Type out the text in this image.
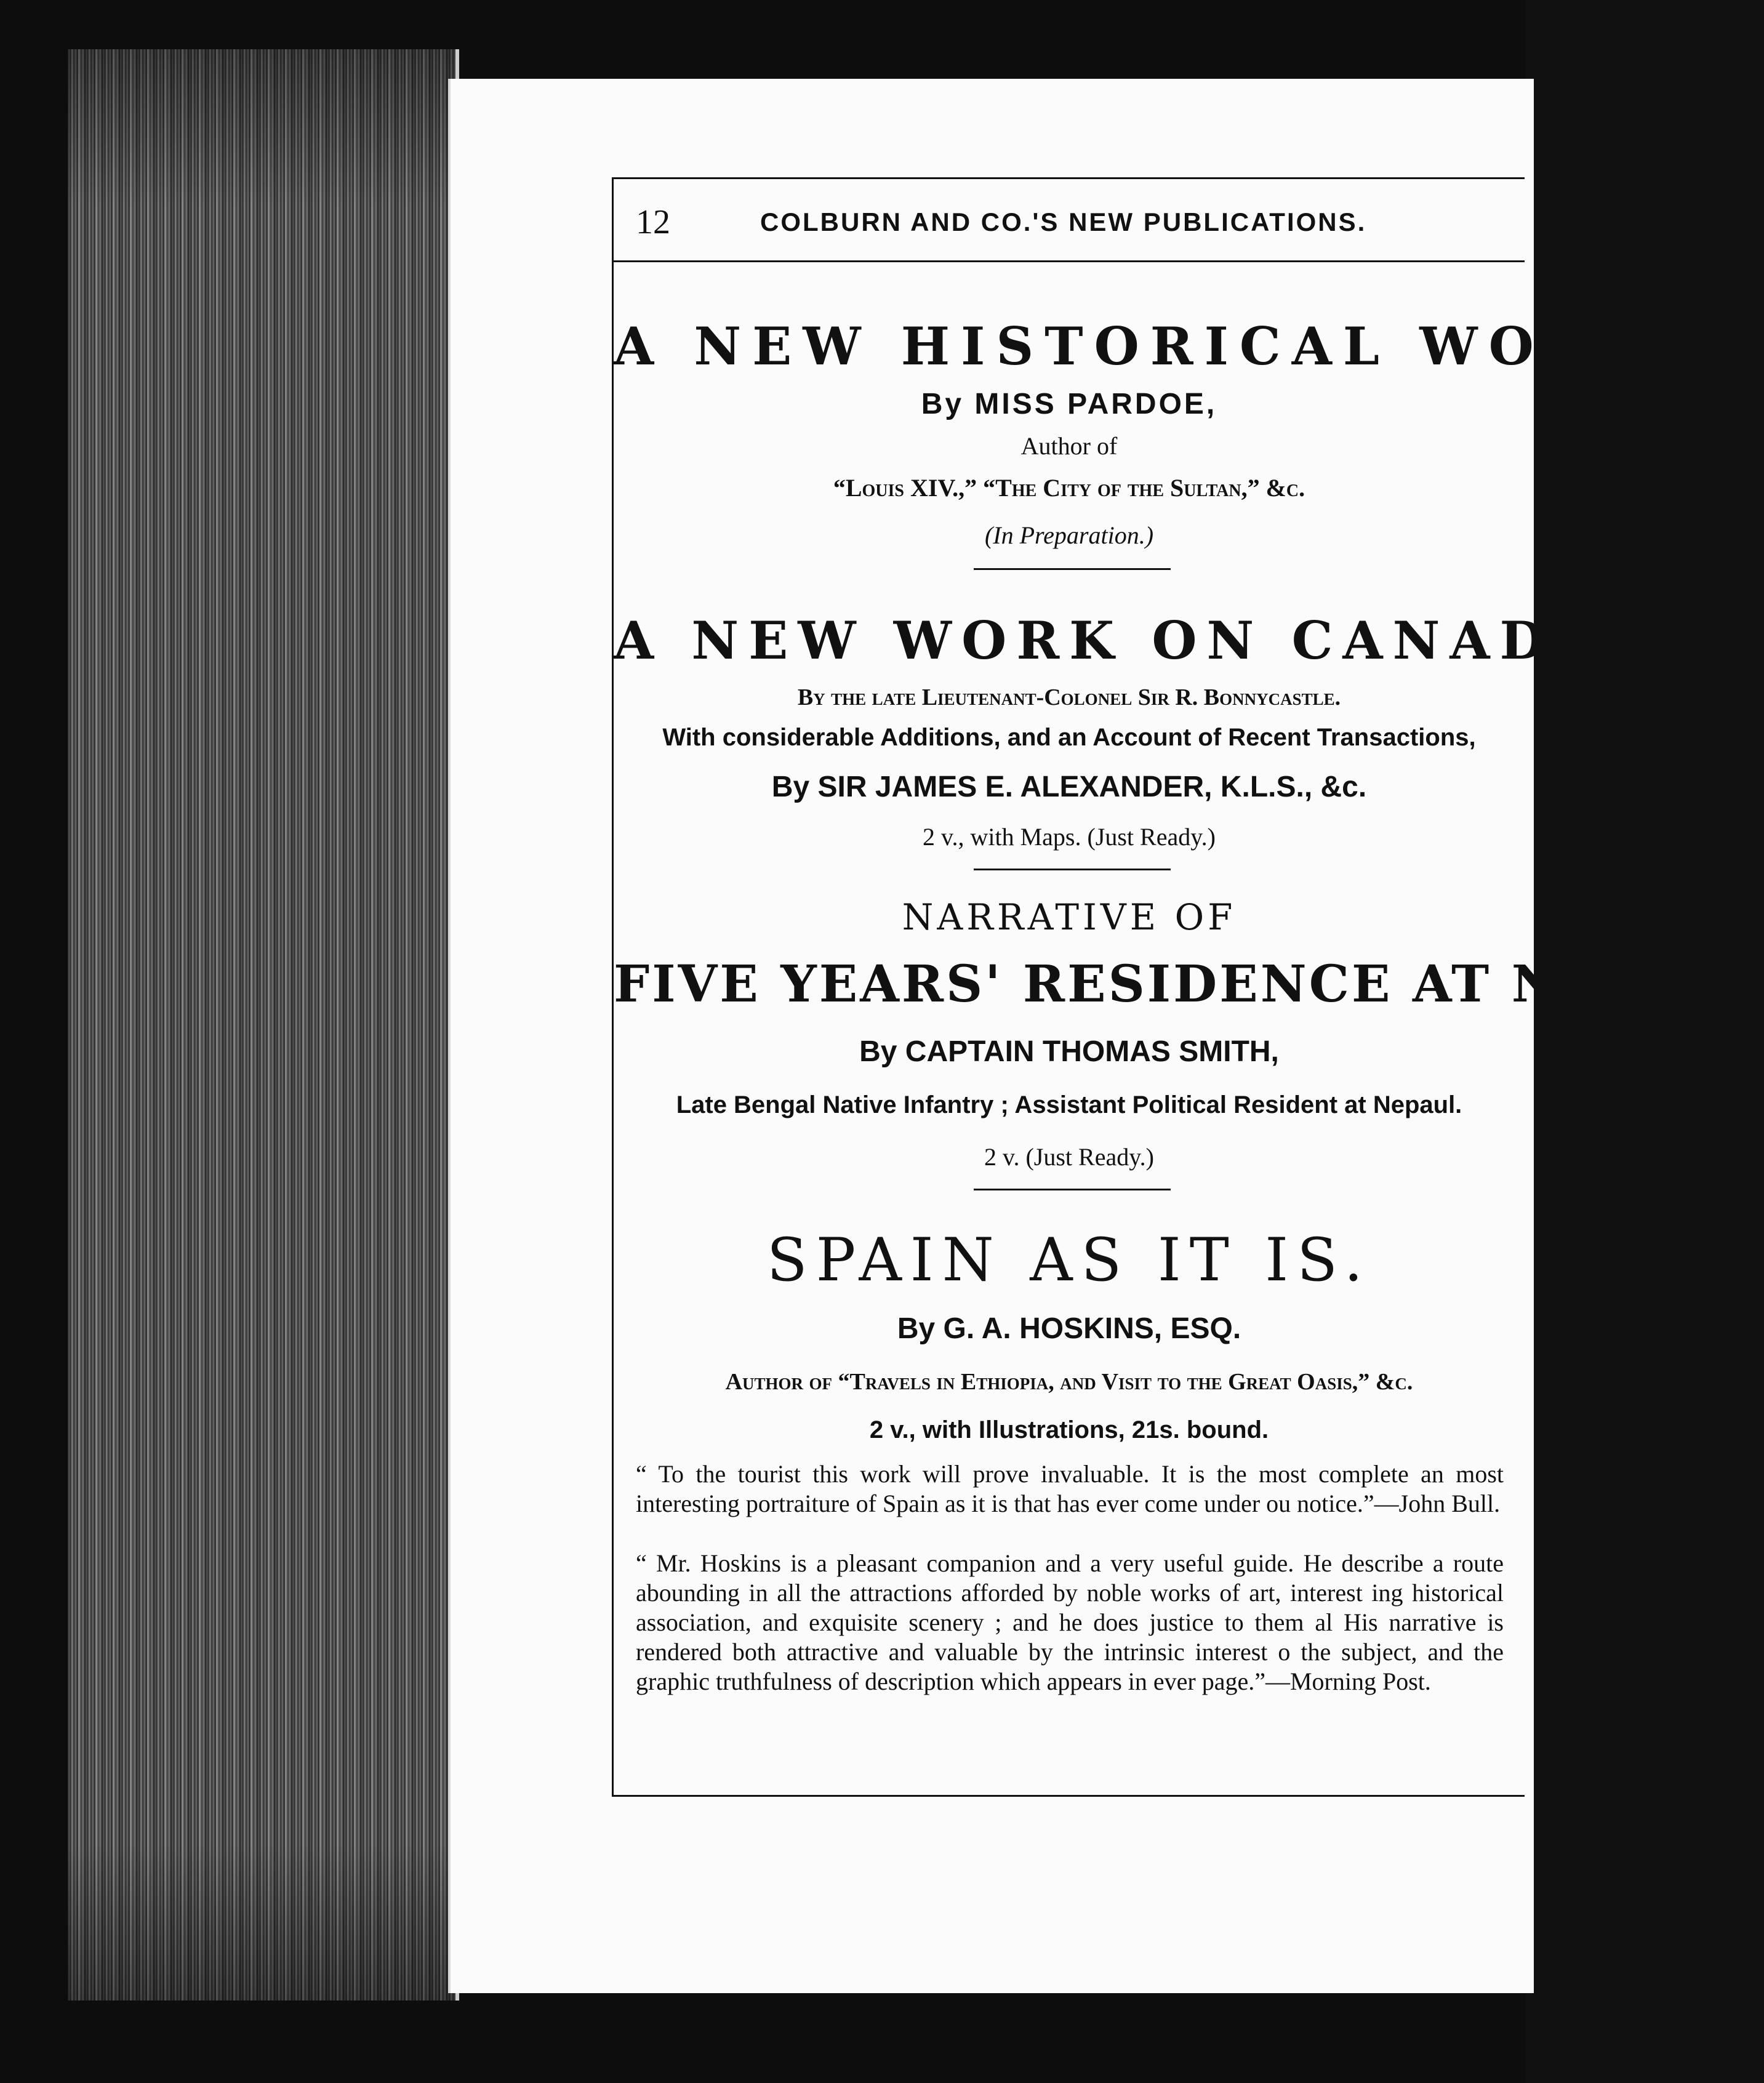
12	COLBURN AND CO.'S NEW PUBLICATIONS.
A NEW HISTORICAL WORK,
By MISS PARDOE,
Author of
“Louis XIV.,” “The City of the Sultan,” &c.
(In Preparation.)
A NEW WORK ON CANADA,
By the late Lieutenant-Colonel Sir R. Bonnycastle.
With considerable Additions, and an Account of Recent Transactions,
By SIR JAMES E. ALEXANDER, K.L.S., &c.
2 v., with Maps. (Just Ready.)
NARRATIVE OF
FIVE YEARS' RESIDENCE AT NEPAUL
By CAPTAIN THOMAS SMITH,
Late Bengal Native Infantry ; Assistant Political Resident at Nepaul.
2 v. (Just Ready.)
SPAIN AS IT IS.
By G. A. HOSKINS, ESQ.
Author of “Travels in Ethiopia, and Visit to the Great Oasis,” &c.
2 v., with Illustrations, 21s. bound.
“ To the tourist this work will prove invaluable. It is the most complete an most interesting portraiture of Spain as it is that has ever come under ou notice.”—John Bull.
“ Mr. Hoskins is a pleasant companion and a very useful guide. He describe a route abounding in all the attractions afforded by noble works of art, interest ing historical association, and exquisite scenery ; and he does justice to them al His narrative is rendered both attractive and valuable by the intrinsic interest o the subject, and the graphic truthfulness of description which appears in ever page.”—Morning Post.
